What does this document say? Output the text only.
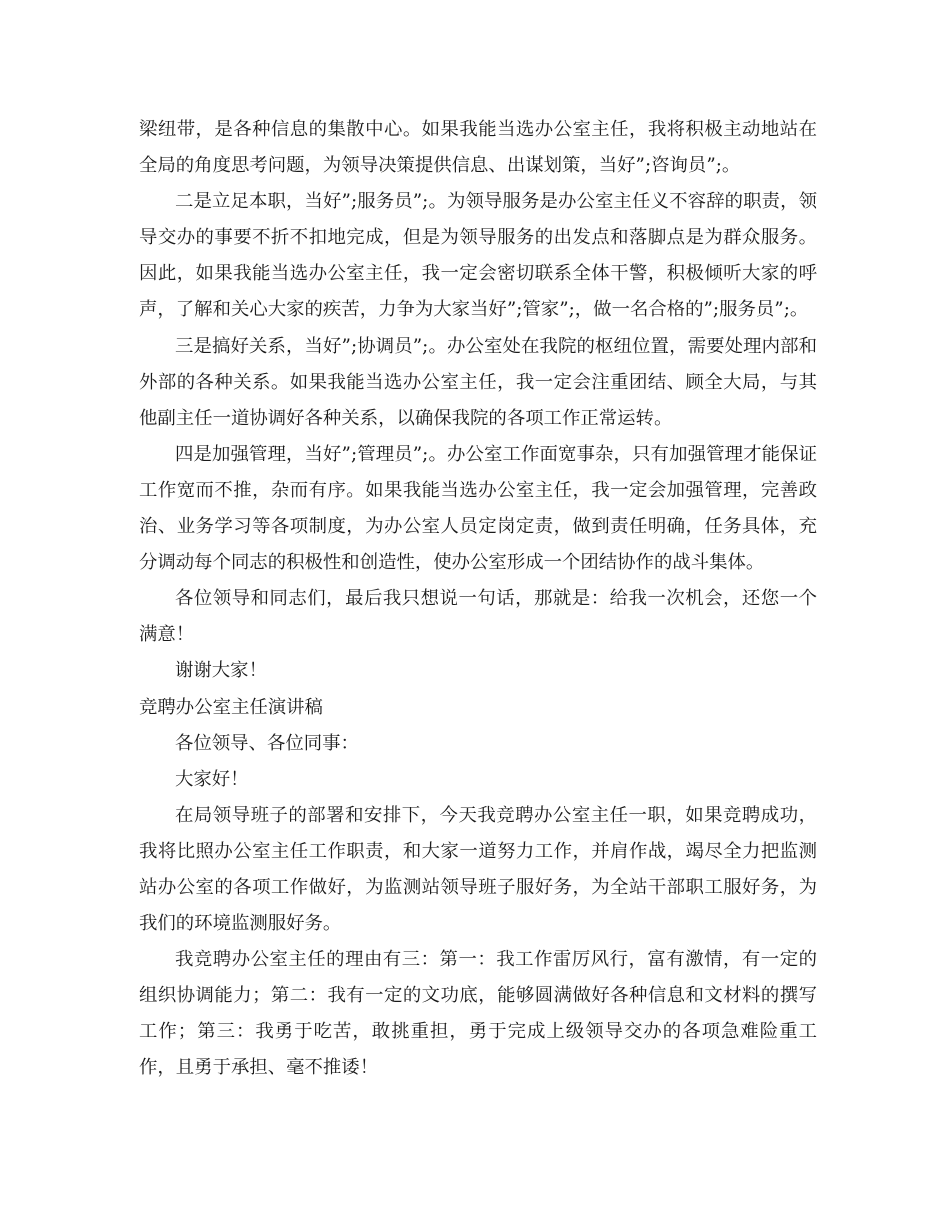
梁纽带，是各种信息的集散中心。如果我能当选办公室主任，我将积极主动地站在全局的角度思考问题，为领导决策提供信息、出谋划策，当好”;咨询员”;。

二是立足本职，当好”;服务员”;。为领导服务是办公室主任义不容辞的职责，领导交办的事要不折不扣地完成，但是为领导服务的出发点和落脚点是为群众服务。因此，如果我能当选办公室主任，我一定会密切联系全体干警，积极倾听大家的呼声，了解和关心大家的疾苦，力争为大家当好”;管家”;，做一名合格的”;服务员”;。

三是搞好关系，当好”;协调员”;。办公室处在我院的枢纽位置，需要处理内部和外部的各种关系。如果我能当选办公室主任，我一定会注重团结、顾全大局，与其他副主任一道协调好各种关系，以确保我院的各项工作正常运转。

四是加强管理，当好”;管理员”;。办公室工作面宽事杂，只有加强管理才能保证工作宽而不推，杂而有序。如果我能当选办公室主任，我一定会加强管理，完善政治、业务学习等各项制度，为办公室人员定岗定责，做到责任明确，任务具体，充分调动每个同志的积极性和创造性，使办公室形成一个团结协作的战斗集体。

各位领导和同志们，最后我只想说一句话，那就是：给我一次机会，还您一个满意！

谢谢大家！

竞聘办公室主任演讲稿

各位领导、各位同事：

大家好！

在局领导班子的部署和安排下，今天我竞聘办公室主任一职，如果竞聘成功，我将比照办公室主任工作职责，和大家一道努力工作，并肩作战，竭尽全力把监测站办公室的各项工作做好，为监测站领导班子服好务，为全站干部职工服好务，为我们的环境监测服好务。

我竞聘办公室主任的理由有三：第一：我工作雷厉风行，富有激情，有一定的组织协调能力；第二：我有一定的文功底，能够圆满做好各种信息和文材料的撰写工作；第三：我勇于吃苦，敢挑重担，勇于完成上级领导交办的各项急难险重工作，且勇于承担、毫不推诿！
